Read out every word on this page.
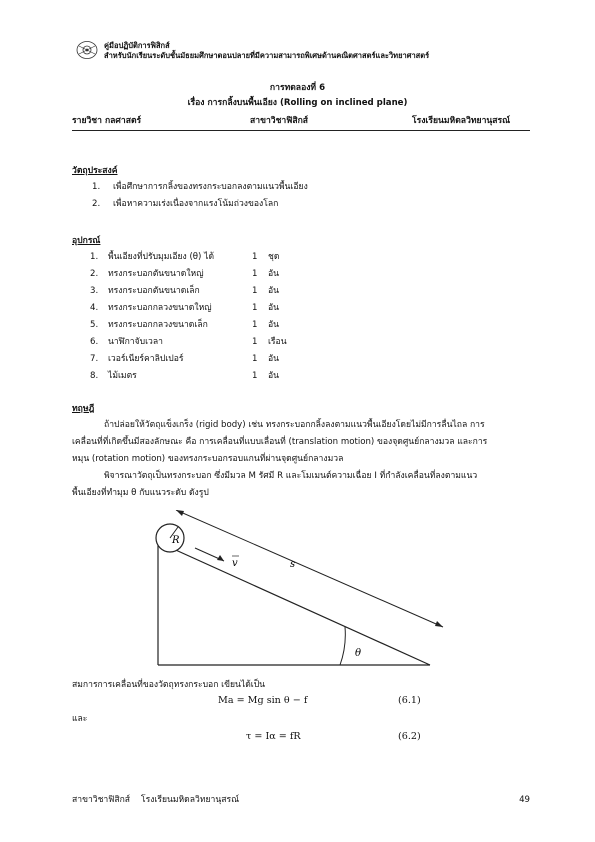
คู่มือปฏิบัติการฟิสิกส์
สำหรับนักเรียนระดับชั้นมัธยมศึกษาตอนปลายที่มีความสามารถพิเศษด้านคณิตศาสตร์และวิทยาศาสตร์
การทดลองที่ 6
เรื่อง การกลิ้งบนพื้นเอียง (Rolling on inclined plane)
รายวิชา กลศาสตร์	สาขาวิชาฟิสิกส์	โรงเรียนมหิดลวิทยานุสรณ์
วัตถุประสงค์
1. เพื่อศึกษาการกลิ้งของทรงกระบอกลงตามแนวพื้นเอียง
2. เพื่อหาความเร่งเนื่องจากแรงโน้มถ่วงของโลก
อุปกรณ์
1. พื้นเอียงที่ปรับมุมเอียง (θ) ได้	1 ชุด
2. ทรงกระบอกตันขนาดใหญ่	1 อัน
3. ทรงกระบอกตันขนาดเล็ก	1 อัน
4. ทรงกระบอกกลวงขนาดใหญ่	1 อัน
5. ทรงกระบอกกลวงขนาดเล็ก	1 อัน
6. นาฬิกาจับเวลา	1 เรือน
7. เวอร์เนียร์คาลิปเปอร์	1 อัน
8. ไม้เมตร	1 อัน
ทฤษฎี
ถ้าปล่อยให้วัตถุแข็งเกร็ง (rigid body) เช่น ทรงกระบอกกลิ้งลงตามแนวพื้นเอียงโดยไม่มีการลื่นไถล การ
เคลื่อนที่ที่เกิดขึ้นมีสองลักษณะ คือ การเคลื่อนที่แบบเลื่อนที่ (translation motion) ของจุดศูนย์กลางมวล และการ
หมุน (rotation motion) ของทรงกระบอกรอบแกนที่ผ่านจุดศูนย์กลางมวล
พิจารณาวัตถุเป็นทรงกระบอก ซึ่งมีมวล M รัศมี R และโมเมนต์ความเฉื่อย I ที่กำลังเคลื่อนที่ลงตามแนว
พื้นเอียงที่ทำมุม θ กับแนวระดับ ดังรูป
R
v	s
θ
สมการการเคลื่อนที่ของวัตถุทรงกระบอก เขียนได้เป็น
Ma = Mg sin θ − f	(6.1)
และ
τ = Iα = fR	(6.2)
สาขาวิชาฟิสิกส์    โรงเรียนมหิดลวิทยานุสรณ์	49
